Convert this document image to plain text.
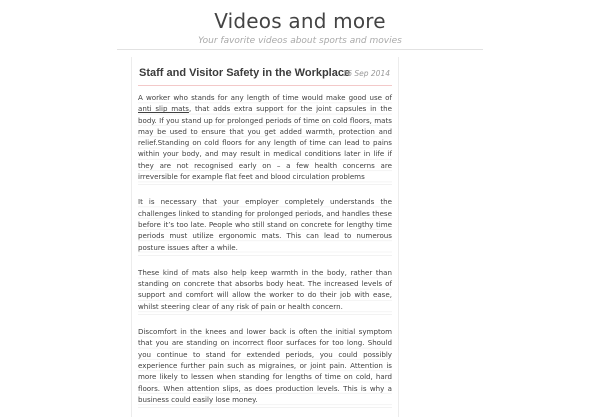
Videos and more
Your favorite videos about sports and movies
Staff and Visitor Safety in the Workplace
16 Sep 2014

A worker who stands for any length of time would make good use of anti slip mats, that adds extra support for the joint capsules in the body. If you stand up for prolonged periods of time on cold floors, mats may be used to ensure that you get added warmth, protection and relief.Standing on cold floors for any length of time can lead to pains within your body, and may result in medical conditions later in life if they are not recognised early on – a few health concerns are irreversible for example flat feet and blood circulation problems

It is necessary that your employer completely understands the challenges linked to standing for prolonged periods, and handles these before it’s too late. People who still stand on concrete for lengthy time periods must utilize ergonomic mats. This can lead to numerous posture issues after a while.

These kind of mats also help keep warmth in the body, rather than standing on concrete that absorbs body heat. The increased levels of support and comfort will allow the worker to do their job with ease, whilst steering clear of any risk of pain or health concern.

Discomfort in the knees and lower back is often the initial symptom that you are standing on incorrect floor surfaces for too long. Should you continue to stand for extended periods, you could possibly experience further pain such as migraines, or joint pain. Attention is more likely to lessen when standing for lengths of time on cold, hard floors. When attention slips, as does production levels. This is why a business could easily lose money.
